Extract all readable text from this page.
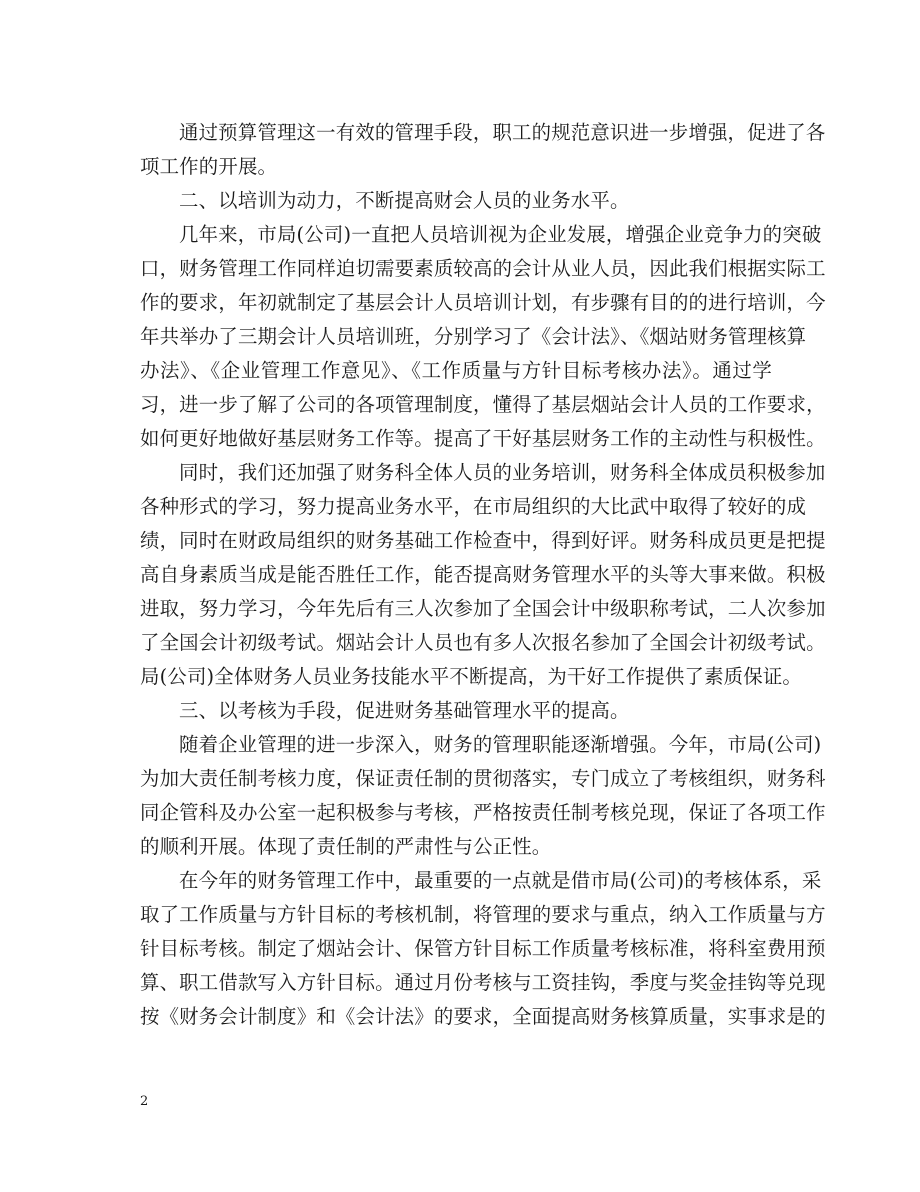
通过预算管理这一有效的管理手段，职工的规范意识进一步增强，促进了各
项工作的开展。
二、以培训为动力，不断提高财会人员的业务水平。
几年来，市局(公司)一直把人员培训视为企业发展，增强企业竞争力的突破
口，财务管理工作同样迫切需要素质较高的会计从业人员，因此我们根据实际工
作的要求，年初就制定了基层会计人员培训计划，有步骤有目的的进行培训，今
年共举办了三期会计人员培训班，分别学习了《会计法》、《烟站财务管理核算
办法》、《企业管理工作意见》、《工作质量与方针目标考核办法》。通过学
习，进一步了解了公司的各项管理制度，懂得了基层烟站会计人员的工作要求，
如何更好地做好基层财务工作等。提高了干好基层财务工作的主动性与积极性。
同时，我们还加强了财务科全体人员的业务培训，财务科全体成员积极参加
各种形式的学习，努力提高业务水平，在市局组织的大比武中取得了较好的成
绩，同时在财政局组织的财务基础工作检查中，得到好评。财务科成员更是把提
高自身素质当成是能否胜任工作，能否提高财务管理水平的头等大事来做。积极
进取，努力学习，今年先后有三人次参加了全国会计中级职称考试，二人次参加
了全国会计初级考试。烟站会计人员也有多人次报名参加了全国会计初级考试。
局(公司)全体财务人员业务技能水平不断提高，为干好工作提供了素质保证。
三、以考核为手段，促进财务基础管理水平的提高。
随着企业管理的进一步深入，财务的管理职能逐渐增强。今年，市局(公司)
为加大责任制考核力度，保证责任制的贯彻落实，专门成立了考核组织，财务科
同企管科及办公室一起积极参与考核，严格按责任制考核兑现，保证了各项工作
的顺利开展。体现了责任制的严肃性与公正性。
在今年的财务管理工作中，最重要的一点就是借市局(公司)的考核体系，采
取了工作质量与方针目标的考核机制，将管理的要求与重点，纳入工作质量与方
针目标考核。制定了烟站会计、保管方针目标工作质量考核标准，将科室费用预
算、职工借款写入方针目标。通过月份考核与工资挂钩，季度与奖金挂钩等兑现
按《财务会计制度》和《会计法》的要求，全面提高财务核算质量，实事求是的
2
